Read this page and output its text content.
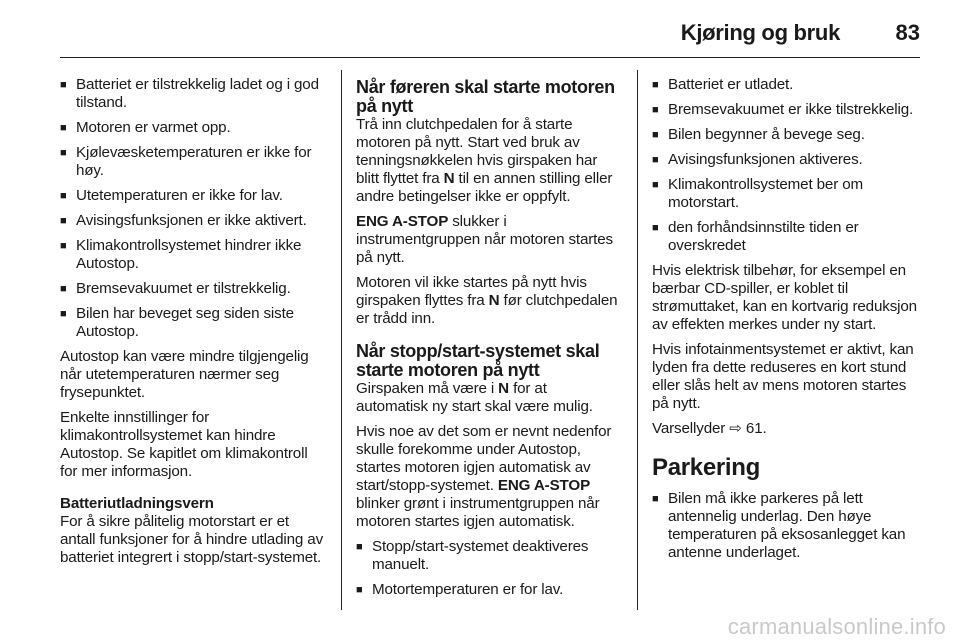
Kjøring og bruk	83
■ Batteriet er tilstrekkelig ladet og i god tilstand.
■ Motoren er varmet opp.
■ Kjølevæsketemperaturen er ikke for høy.
■ Utetemperaturen er ikke for lav.
■ Avisingsfunksjonen er ikke aktivert.
■ Klimakontrollsystemet hindrer ikke Autostop.
■ Bremsevakuumet er tilstrekkelig.
■ Bilen har beveget seg siden siste Autostop.

Autostop kan være mindre tilgjengelig når utetemperaturen nærmer seg frysepunktet.

Enkelte innstillinger for klimakontrollsystemet kan hindre Autostop. Se kapitlet om klimakontroll for mer informasjon.

Batteriutladningsvern

For å sikre pålitelig motorstart er et antall funksjoner for å hindre utlading av batteriet integrert i stopp/start-systemet.

Når føreren skal starte motoren på nytt

Trå inn clutchpedalen for å starte motoren på nytt. Start ved bruk av tenningsnøkkelen hvis girspaken har blitt flyttet fra N til en annen stilling eller andre betingelser ikke er oppfylt.

ENG A-STOP slukker i instrumentgruppen når motoren startes på nytt.

Motoren vil ikke startes på nytt hvis girspaken flyttes fra N før clutchpedalen er trådd inn.

Når stopp/start-systemet skal starte motoren på nytt

Girspaken må være i N for at automatisk ny start skal være mulig.

Hvis noe av det som er nevnt nedenfor skulle forekomme under Autostop, startes motoren igjen automatisk av start/stopp-systemet. ENG A-STOP blinker grønt i instrumentgruppen når motoren startes igjen automatisk.

■ Stopp/start-systemet deaktiveres manuelt.
■ Motortemperaturen er for lav.
■ Batteriet er utladet.
■ Bremsevakuumet er ikke tilstrekkelig.
■ Bilen begynner å bevege seg.
■ Avisingsfunksjonen aktiveres.
■ Klimakontrollsystemet ber om motorstart.
■ den forhåndsinnstilte tiden er overskredet

Hvis elektrisk tilbehør, for eksempel en bærbar CD-spiller, er koblet til strømuttaket, kan en kortvarig reduksjon av effekten merkes under ny start.

Hvis infotainmentsystemet er aktivt, kan lyden fra dette reduseres en kort stund eller slås helt av mens motoren startes på nytt.

Varsellyder ⇨ 61.

Parkering
■ Bilen må ikke parkeres på lett antennelig underlag. Den høye temperaturen på eksosanlegget kan antenne underlaget.
carmanualsonline.info
